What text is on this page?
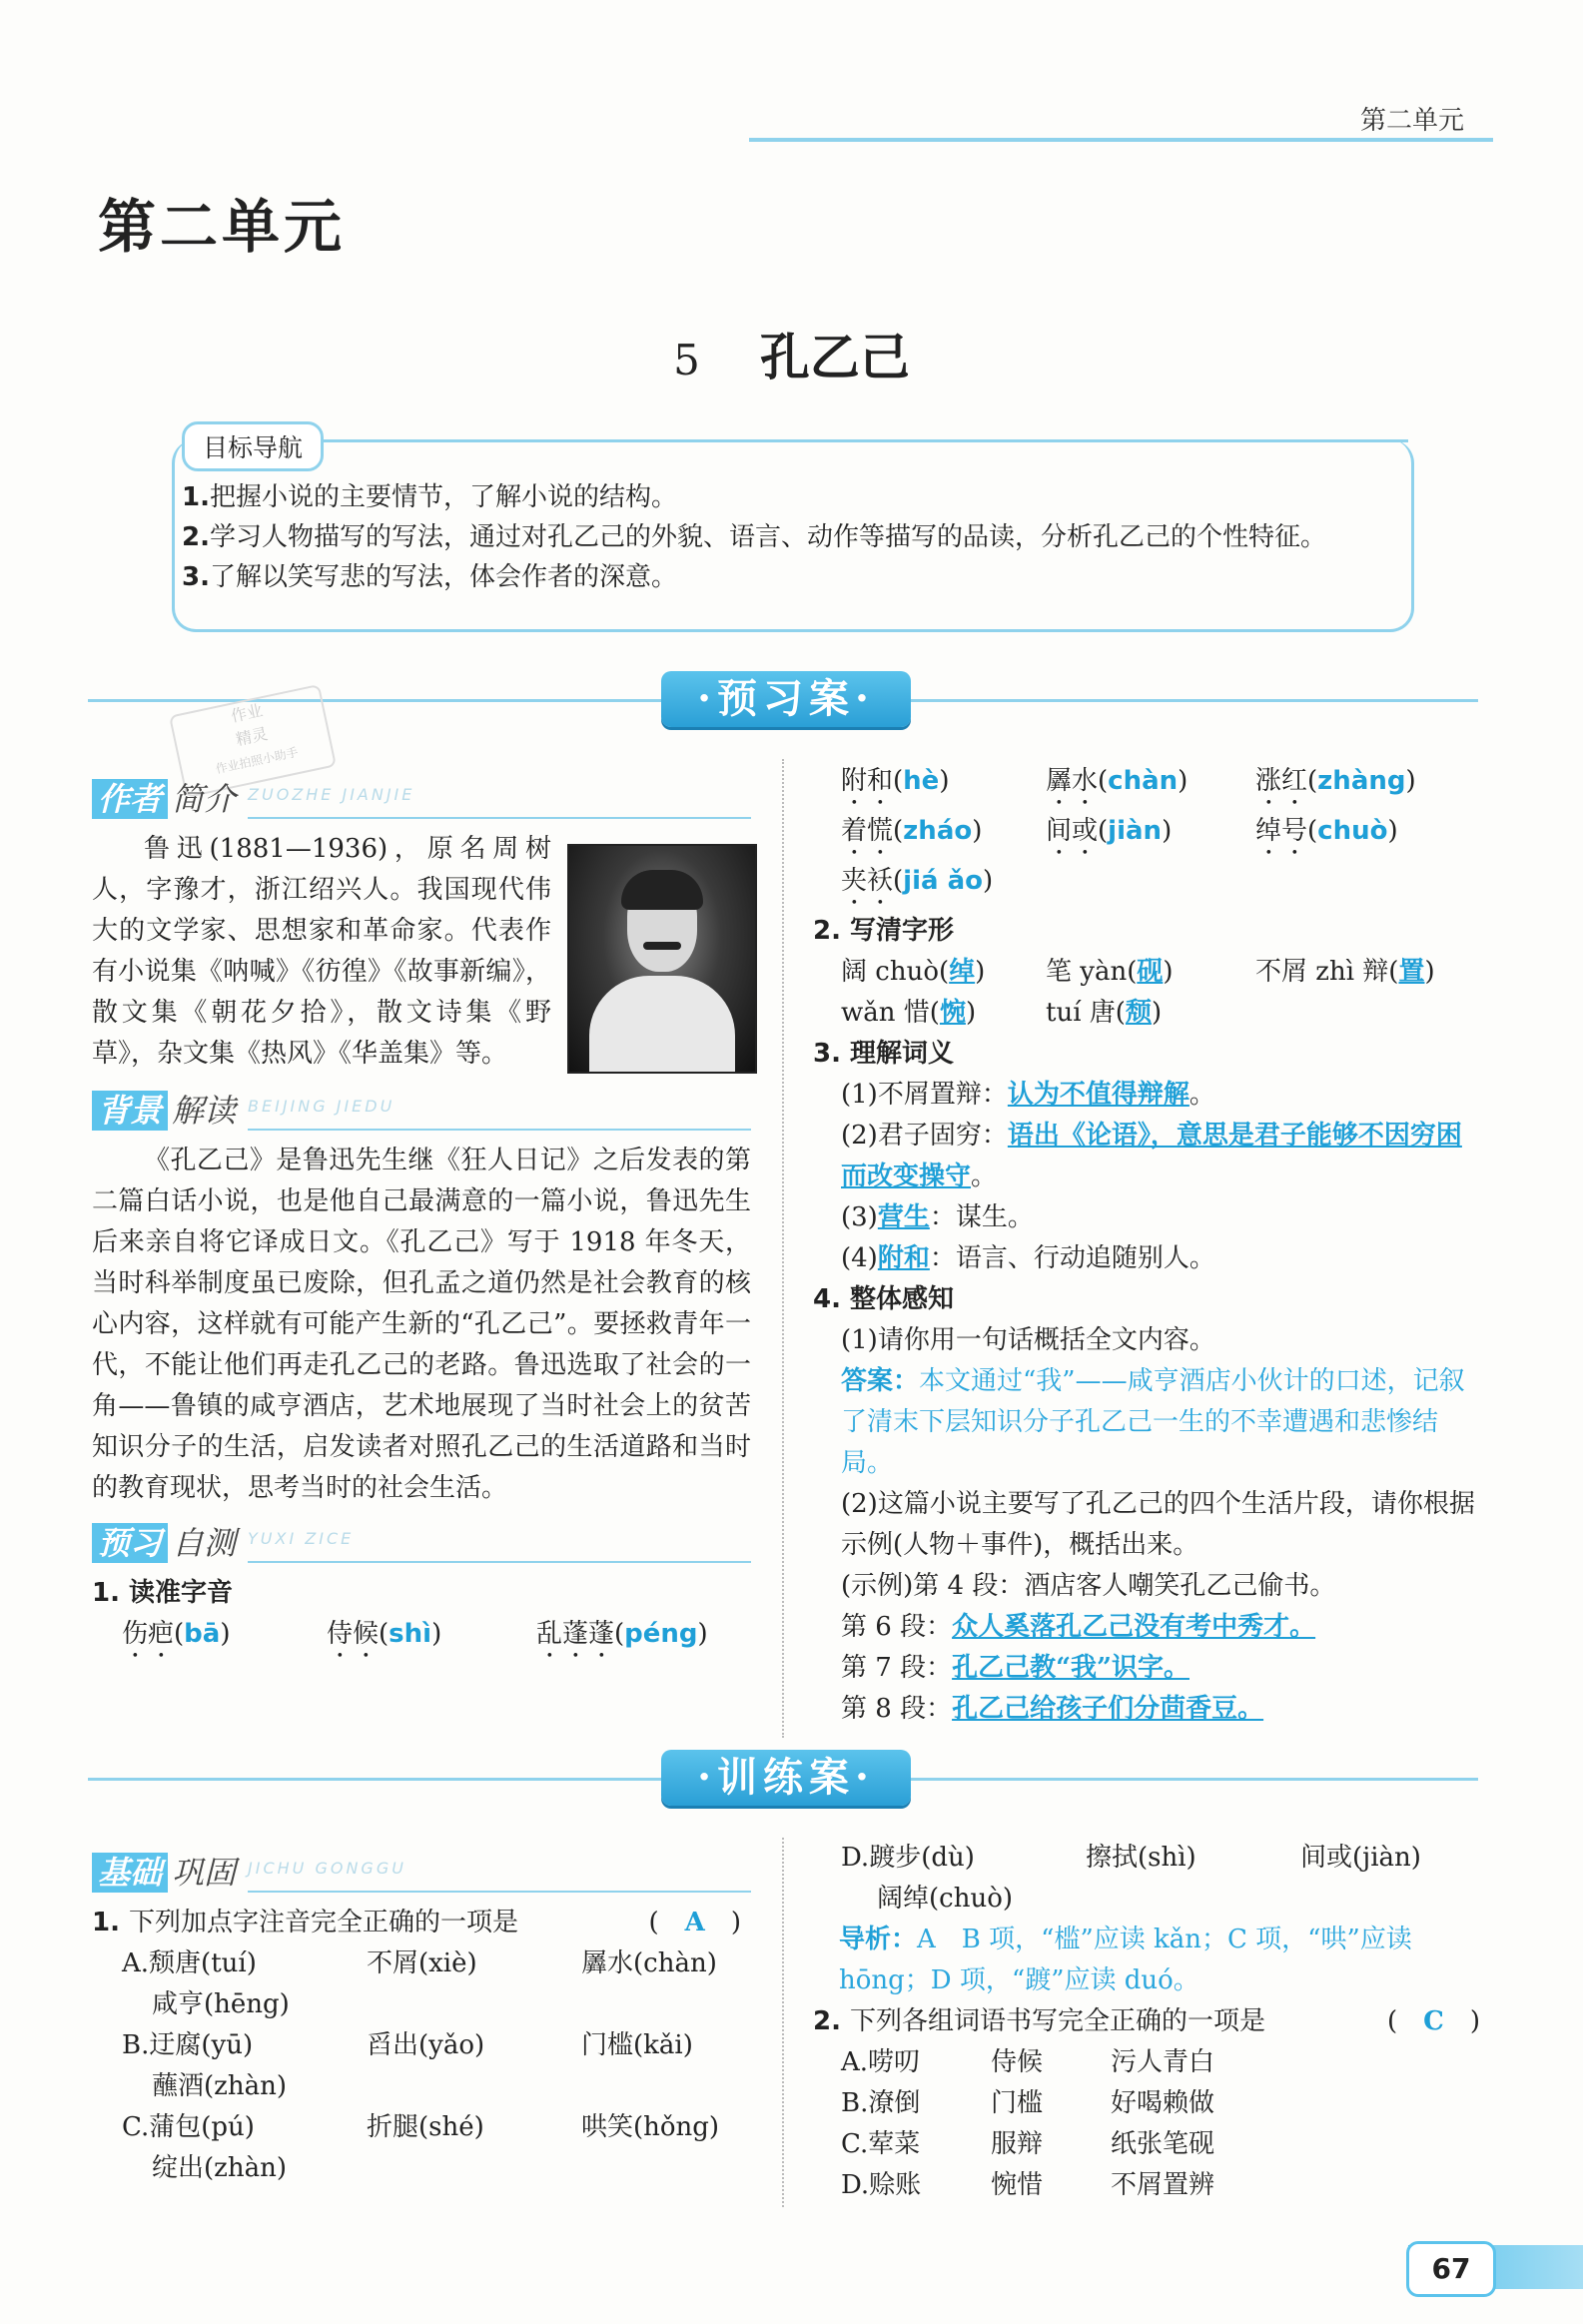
第二单元
第二单元
5 孔乙己
目标导航
1.把握小说的主要情节，了解小说的结构。
2.学习人物描写的写法，通过对孔乙己的外貌、语言、动作等描写的品读，分析孔乙己的个性特征。
3.了解以笑写悲的写法，体会作者的深意。
·预习案·
作业
精灵
作业拍照小助手
作者 简介 ZUOZHE JIANJIE

鲁迅(1881—1936)，原名周树人，字豫才，浙江绍兴人。我国现代伟大的文学家、思想家和革命家。代表作有小说集《呐喊》《彷徨》《故事新编》，散文集《朝花夕拾》，散文诗集《野草》，杂文集《热风》《华盖集》等。

背景 解读 BEIJING JIEDU

《孔乙己》是鲁迅先生继《狂人日记》之后发表的第二篇白话小说，也是他自己最满意的一篇小说，鲁迅先生后来亲自将它译成日文。《孔乙己》写于 1918 年冬天，当时科举制度虽已废除，但孔孟之道仍然是社会教育的核心内容，这样就有可能产生新的“孔乙己”。要拯救青年一代，不能让他们再走孔乙己的老路。鲁迅选取了社会的一角——鲁镇的咸亨酒店，艺术地展现了当时社会上的贫苦知识分子的生活，启发读者对照孔乙己的生活道路和当时的教育现状，思考当时的社会生活。

预习 自测 YUXI ZICE
1. 读准字音
伤疤(bā)	侍候(shì)	乱蓬蓬(péng)
附和(hè)	羼水(chàn)	涨红(zhàng)
着慌(zháo)	间或(jiàn)	绰号(chuò)
夹袄(jiá ǎo)
2. 写清字形
阔 chuò(绰)	笔 yàn(砚)	不屑 zhì 辩(置)
wǎn 惜(惋)	tuí 唐(颓)
3. 理解词义
(1)不屑置辩：认为不值得辩解。
(2)君子固穷：语出《论语》，意思是君子能够不因穷困而改变操守。
(3)营生：谋生。
(4)附和：语言、行动追随别人。
4. 整体感知
(1)请你用一句话概括全文内容。
答案：本文通过“我”——咸亨酒店小伙计的口述，记叙了清末下层知识分子孔乙己一生的不幸遭遇和悲惨结局。
(2)这篇小说主要写了孔乙己的四个生活片段，请你根据示例(人物＋事件)，概括出来。
(示例)第 4 段：酒店客人嘲笑孔乙己偷书。
第 6 段：众人奚落孔乙己没有考中秀才。
第 7 段：孔乙己教“我”识字。
第 8 段：孔乙己给孩子们分茴香豆。
·训练案·
基础 巩固 JICHU GONGGU
1. 下列加点字注音完全正确的一项是	(　A　)
A.颓唐(tuí)	不屑(xiè)	羼水(chàn)
咸亨(hēng)
B.迂腐(yū)	舀出(yǎo)	门槛(kǎi)
蘸酒(zhàn)
C.蒲包(pú)	折腿(shé)	哄笑(hǒng)
绽出(zhàn)
D.踱步(dù)	擦拭(shì)	间或(jiàn)
阔绰(chuò)
导析：A　B 项，“槛”应读 kǎn；C 项，“哄”应读 hōng；D 项，“踱”应读 duó。
2. 下列各组词语书写完全正确的一项是	(　C　)
A.唠叨	侍候	污人青白
B.潦倒	门槛	好喝赖做
C.荤菜	服辩	纸张笔砚
D.赊账	惋惜	不屑置辨
67
